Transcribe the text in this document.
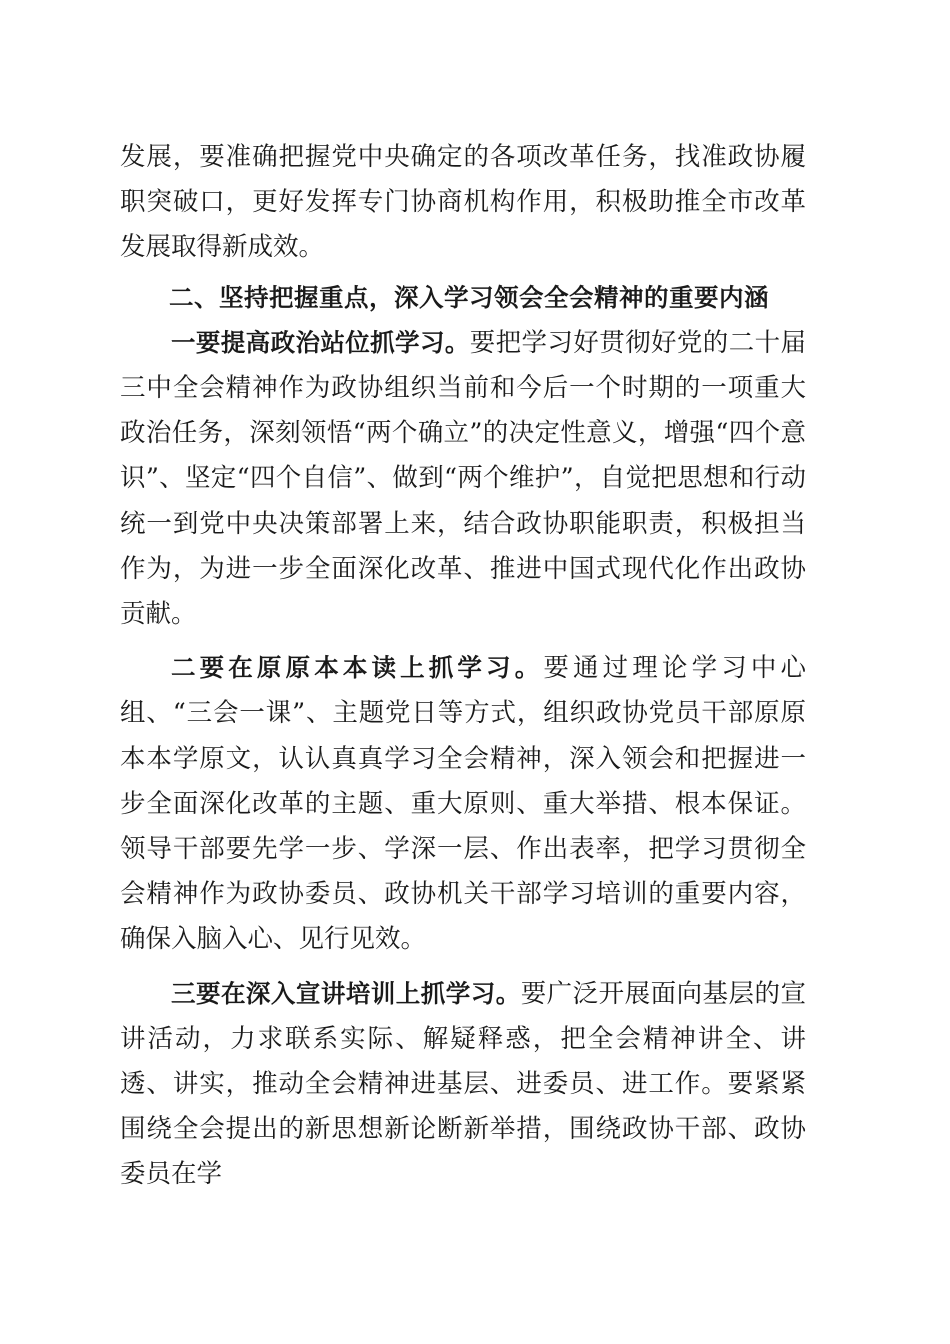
发展，要准确把握党中央确定的各项改革任务，找准政协履职突破口，更好发挥专门协商机构作用，积极助推全市改革发展取得新成效。

二、坚持把握重点，深入学习领会全会精神的重要内涵

一要提高政治站位抓学习。要把学习好贯彻好党的二十届三中全会精神作为政协组织当前和今后一个时期的一项重大政治任务，深刻领悟“两个确立”的决定性意义，增强“四个意识”、坚定“四个自信”、做到“两个维护”，自觉把思想和行动统一到党中央决策部署上来，结合政协职能职责，积极担当作为，为进一步全面深化改革、推进中国式现代化作出政协贡献。

二要在原原本本读上抓学习。要通过理论学习中心组、“三会一课”、主题党日等方式，组织政协党员干部原原本本学原文，认认真真学习全会精神，深入领会和把握进一步全面深化改革的主题、重大原则、重大举措、根本保证。领导干部要先学一步、学深一层、作出表率，把学习贯彻全会精神作为政协委员、政协机关干部学习培训的重要内容，确保入脑入心、见行见效。

三要在深入宣讲培训上抓学习。要广泛开展面向基层的宣讲活动，力求联系实际、解疑释惑，把全会精神讲全、讲透、讲实，推动全会精神进基层、进委员、进工作。要紧紧围绕全会提出的新思想新论断新举措，围绕政协干部、政协委员在学
